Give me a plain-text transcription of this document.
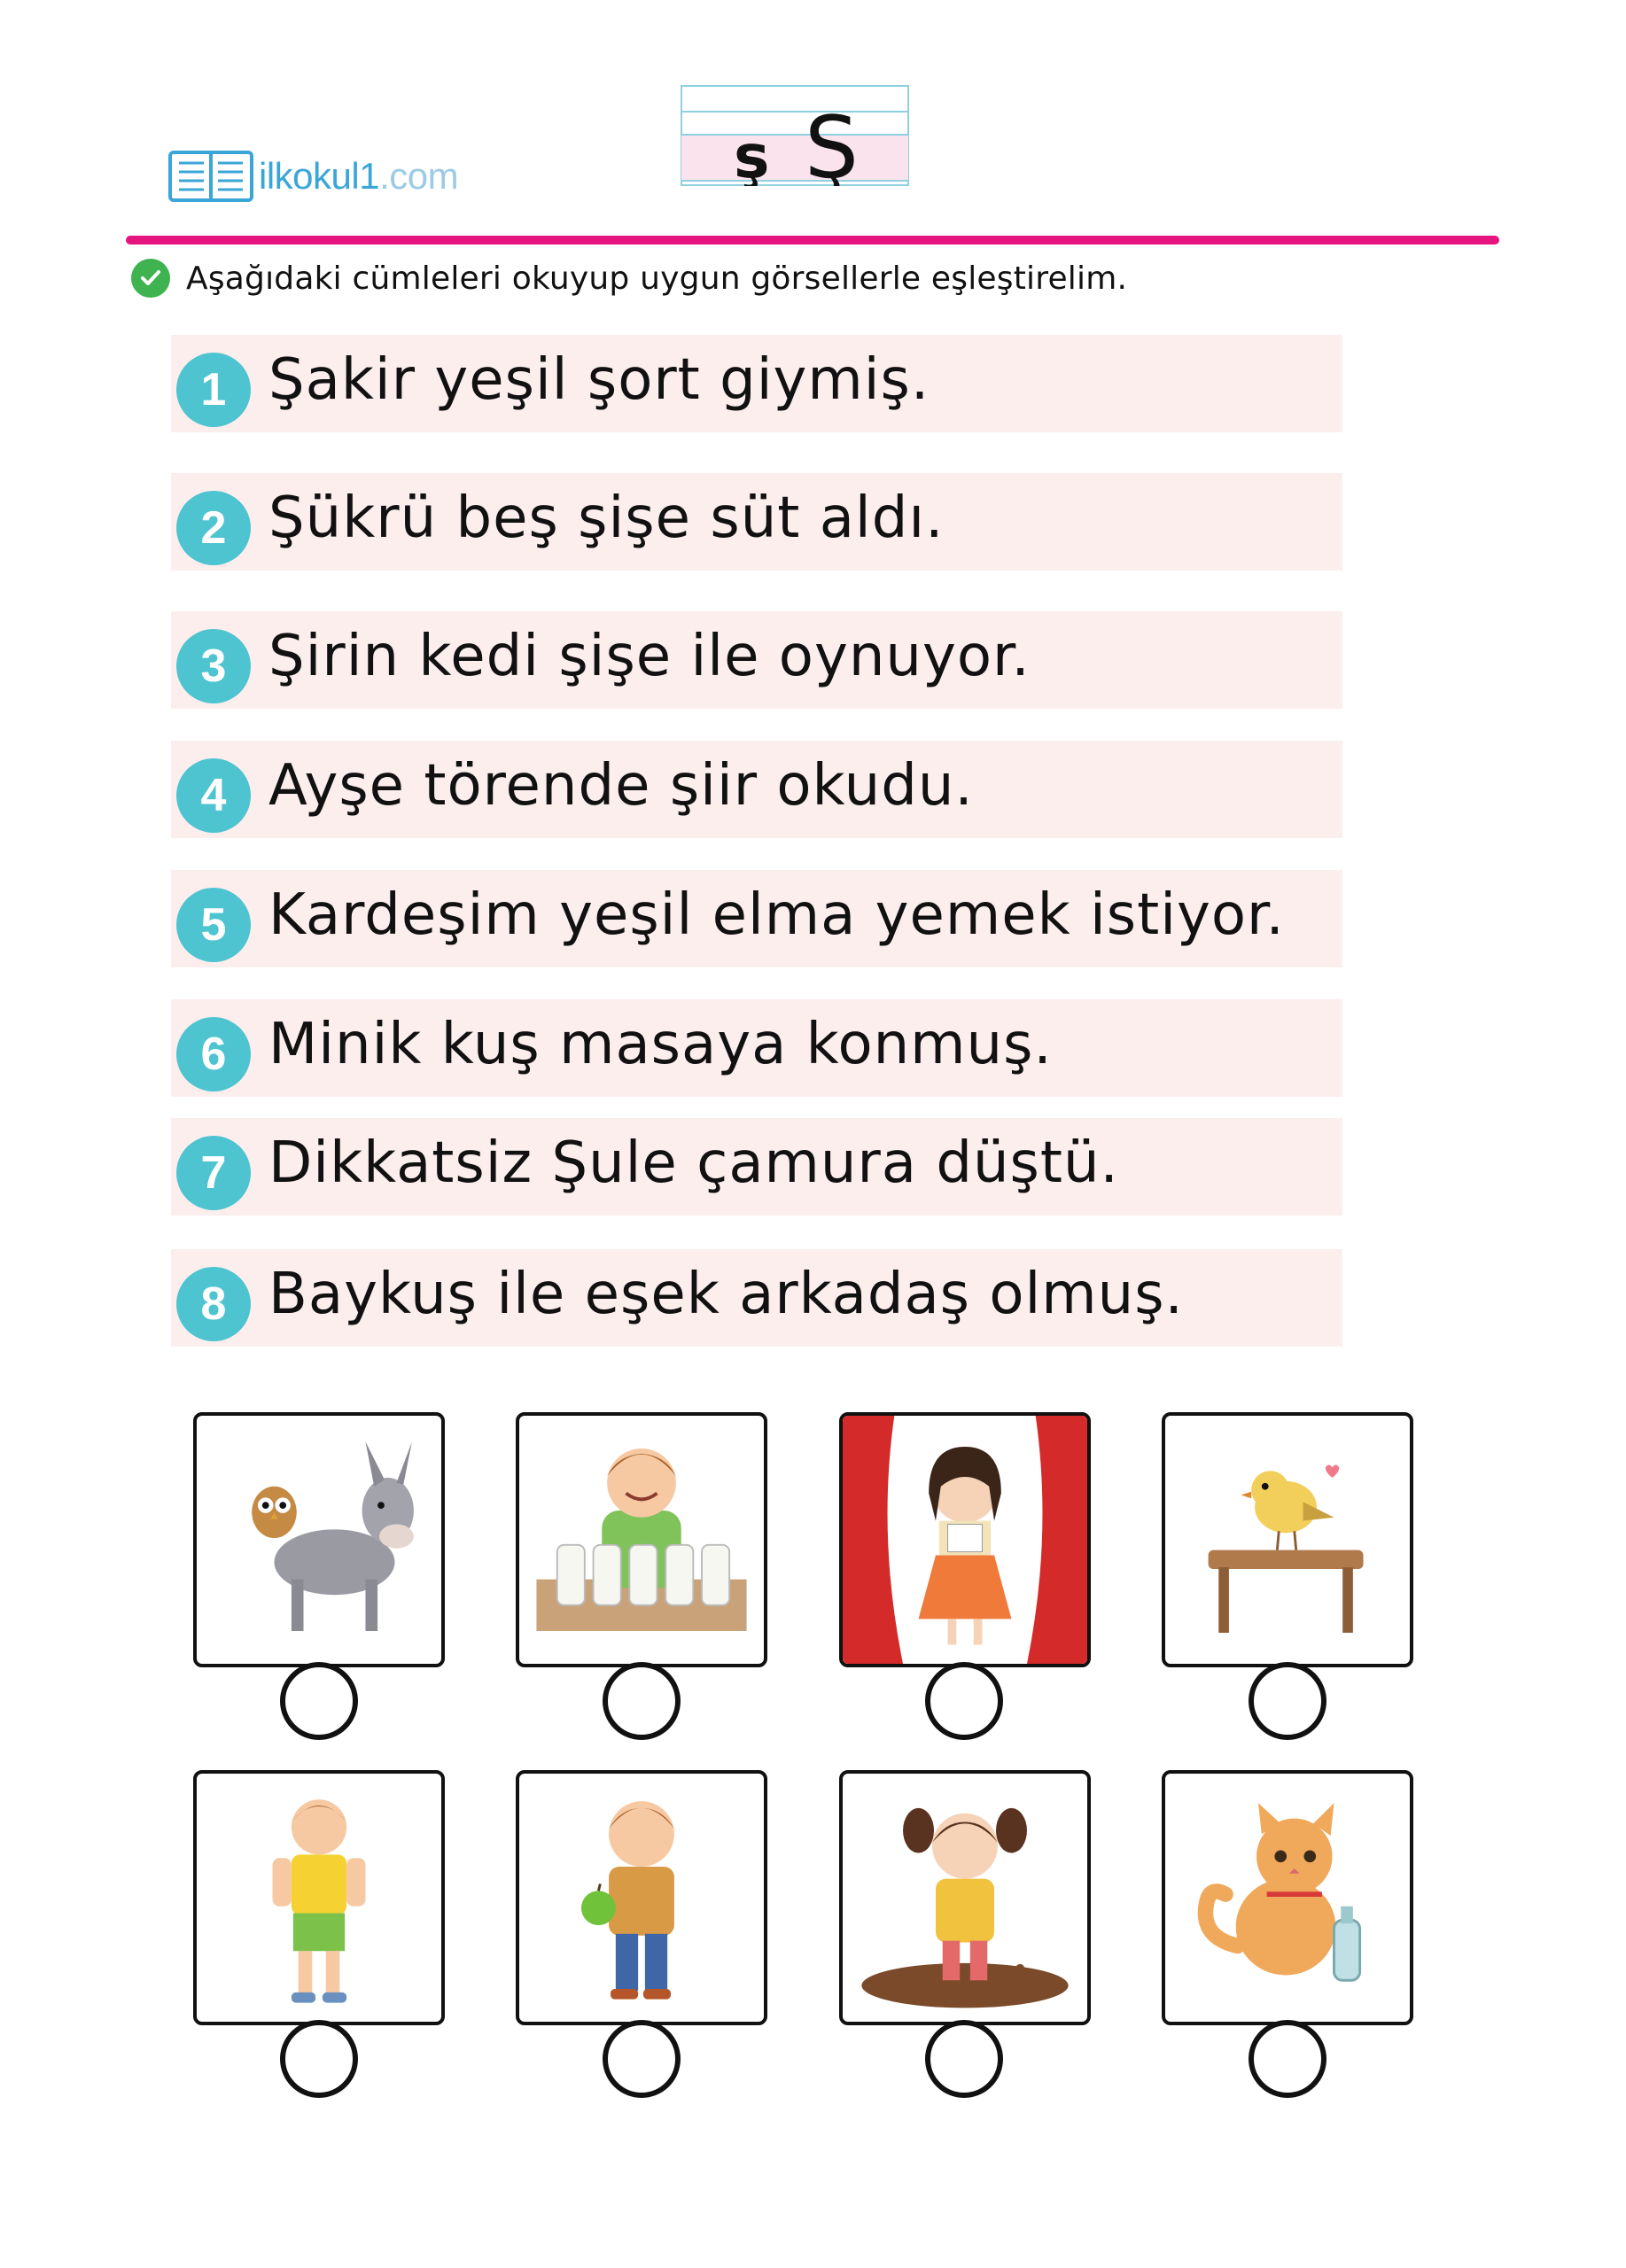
ilkokul1.com	ş Ş
Aşağıdaki cümleleri okuyup uygun görsellerle eşleştirelim.
1 Şakir yeşil şort giymiş.
2 Şükrü beş şişe süt aldı.
3 Şirin kedi şişe ile oynuyor.
4 Ayşe törende şiir okudu.
5 Kardeşim yeşil elma yemek istiyor.
6 Minik kuş masaya konmuş.
7 Dikkatsiz Şule çamura düştü.
8 Baykuş ile eşek arkadaş olmuş.
